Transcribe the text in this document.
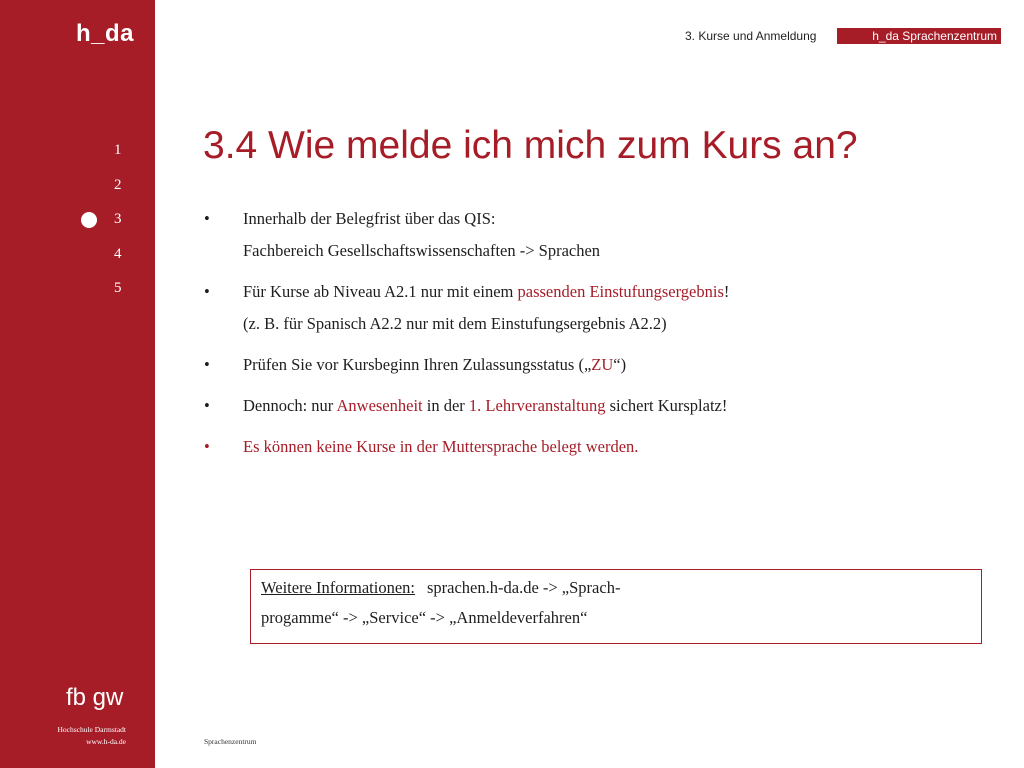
h_da
1
2
3
4
5
fb gw
Hochschule Darmstadt
www.h-da.de
3. Kurse und Anmeldung	h_da Sprachenzentrum
3.4 Wie melde ich mich zum Kurs an?
• Innerhalb der Belegfrist über das QIS:
Fachbereich Gesellschaftswissenschaften -> Sprachen
• Für Kurse ab Niveau A2.1 nur mit einem passenden Einstufungsergebnis!
(z. B. für Spanisch A2.2 nur mit dem Einstufungsergebnis A2.2)
• Prüfen Sie vor Kursbeginn Ihren Zulassungsstatus („ZU“)
• Dennoch: nur Anwesenheit in der 1. Lehrveranstaltung sichert Kursplatz!
• Es können keine Kurse in der Muttersprache belegt werden.
Weitere Informationen: sprachen.h-da.de -> „Sprach-
progamme“ -> „Service“ -> „Anmeldeverfahren“
Sprachenzentrum
